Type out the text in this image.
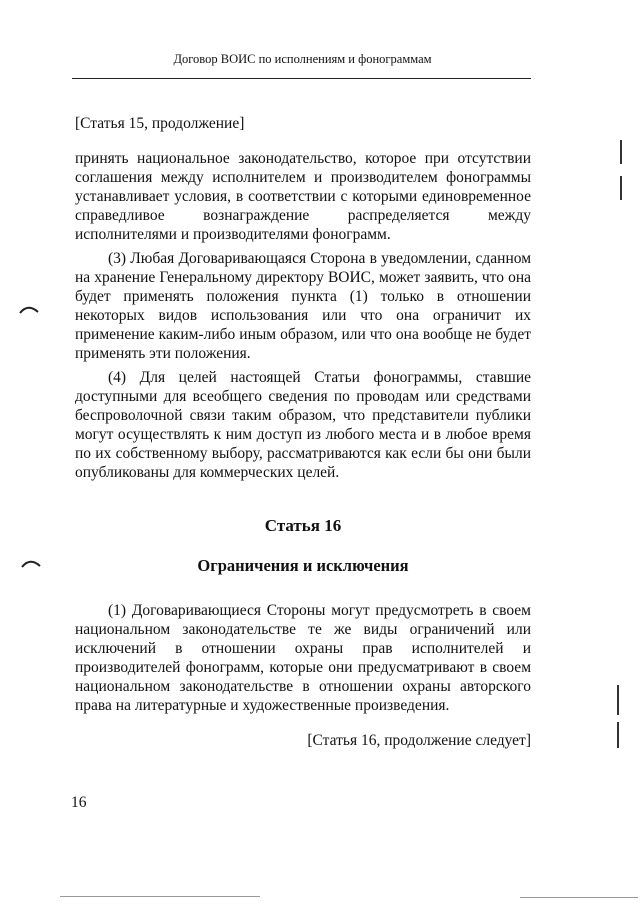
Договор ВОИС по исполнениям и фонограммам
[Статья 15, продолжение]

принять национальное законодательство, которое при отсутствии соглашения между исполнителем и производителем фонограммы устанавливает условия, в соответствии с которыми единовременное справедливое вознаграждение распределяется между исполнителями и производителями фонограмм.

(3) Любая Договаривающаяся Сторона в уведомлении, сданном на хранение Генеральному директору ВОИС, может заявить, что она будет применять положения пункта (1) только в отношении некоторых видов использования или что она ограничит их применение каким-либо иным образом, или что она вообще не будет применять эти положения.

(4) Для целей настоящей Статьи фонограммы, ставшие доступными для всеобщего сведения по проводам или средствами беспроволочной связи таким образом, что представители публики могут осуществлять к ним доступ из любого места и в любое время по их собственному выбору, рассматриваются как если бы они были опубликованы для коммерческих целей.

Статья 16
Ограничения и исключения

(1) Договаривающиеся Стороны могут предусмотреть в своем национальном законодательстве те же виды ограничений или исключений в отношении охраны прав исполнителей и производителей фонограмм, которые они предусматривают в своем национальном законодательстве в отношении охраны авторского права на литературные и художественные произведения.

[Статья 16, продолжение следует]
16
